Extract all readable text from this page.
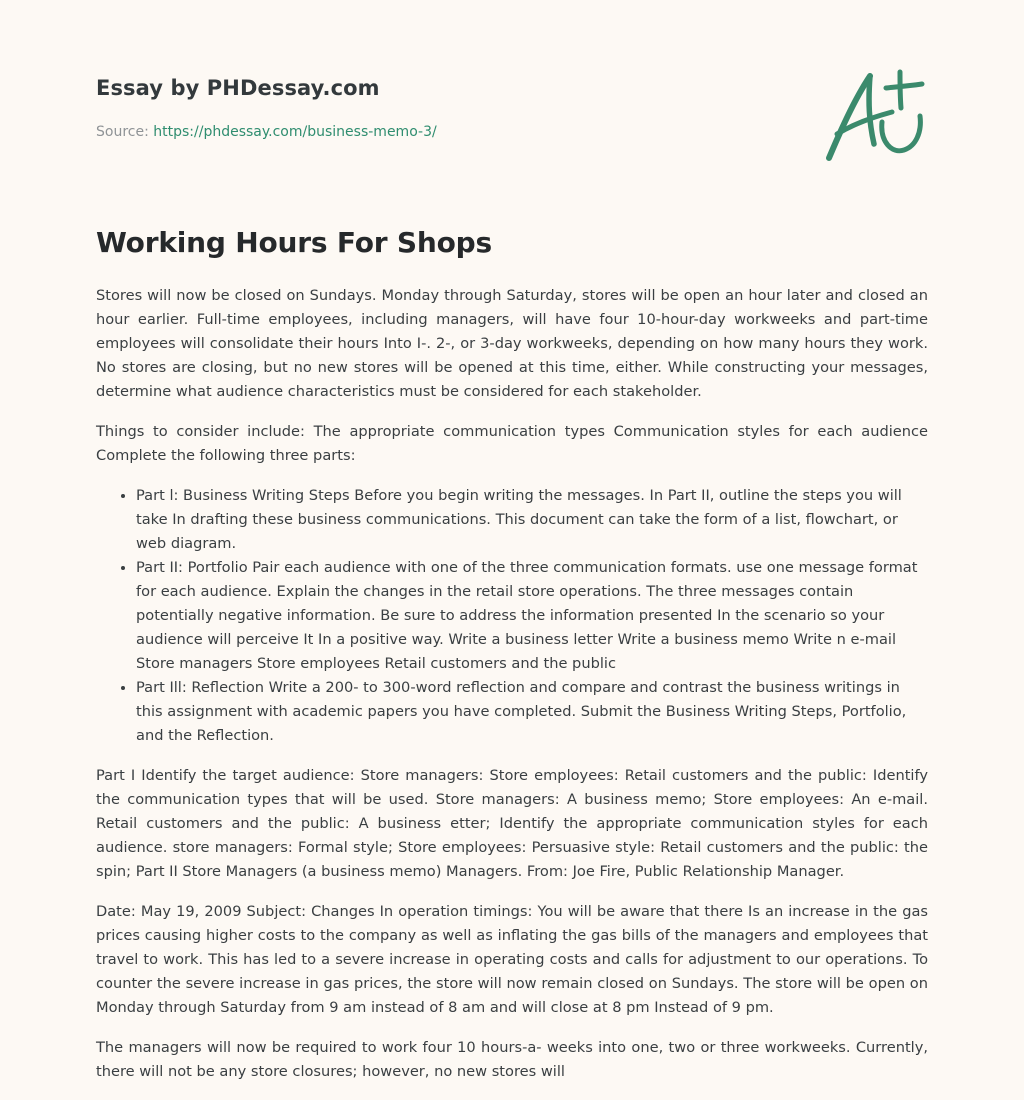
Essay by PHDessay.com
Source: https://phdessay.com/business-memo-3/
Working Hours For Shops

Stores will now be closed on Sundays. Monday through Saturday, stores will be open an hour later and closed an hour earlier. Full-time employees, including managers, will have four 10-hour-day workweeks and part-time employees will consolidate their hours Into I-. 2-, or 3-day workweeks, depending on how many hours they work. No stores are closing, but no new stores will be opened at this time, either. While constructing your messages, determine what audience characteristics must be considered for each stakeholder.

Things to consider include: The appropriate communication types Communication styles for each audience Complete the following three parts:

• Part l: Business Writing Steps Before you begin writing the messages. In Part II, outline the steps you will take In drafting these business communications. This document can take the form of a list, flowchart, or web diagram.
• Part II: Portfolio Pair each audience with one of the three communication formats. use one message format for each audience. Explain the changes in the retail store operations. The three messages contain potentially negative information. Be sure to address the information presented In the scenario so your audience will perceive It In a positive way. Write a business letter Write a business memo Write n e-mail Store managers Store employees Retail customers and the public
• Part Ill: Reflection Write a 200- to 300-word reflection and compare and contrast the business writings in this assignment with academic papers you have completed. Submit the Business Writing Steps, Portfolio, and the Reflection.

Part I Identify the target audience: Store managers: Store employees: Retail customers and the public: Identify the communication types that will be used. Store managers: A business memo; Store employees: An e-mail. Retail customers and the public: A business etter; Identify the appropriate communication styles for each audience. store managers: Formal style; Store employees: Persuasive style: Retail customers and the public: the spin; Part II Store Managers (a business memo) Managers. From: Joe Fire, Public Relationship Manager.

Date: May 19, 2009 Subject: Changes In operation timings: You will be aware that there Is an increase in the gas prices causing higher costs to the company as well as inflating the gas bills of the managers and employees that travel to work. This has led to a severe increase in operating costs and calls for adjustment to our operations. To counter the severe increase in gas prices, the store will now remain closed on Sundays. The store will be open on Monday through Saturday from 9 am instead of 8 am and will close at 8 pm Instead of 9 pm.

The managers will now be required to work four 10 hours-a- weeks into one, two or three workweeks. Currently, there will not be any store closures; however, no new stores will
